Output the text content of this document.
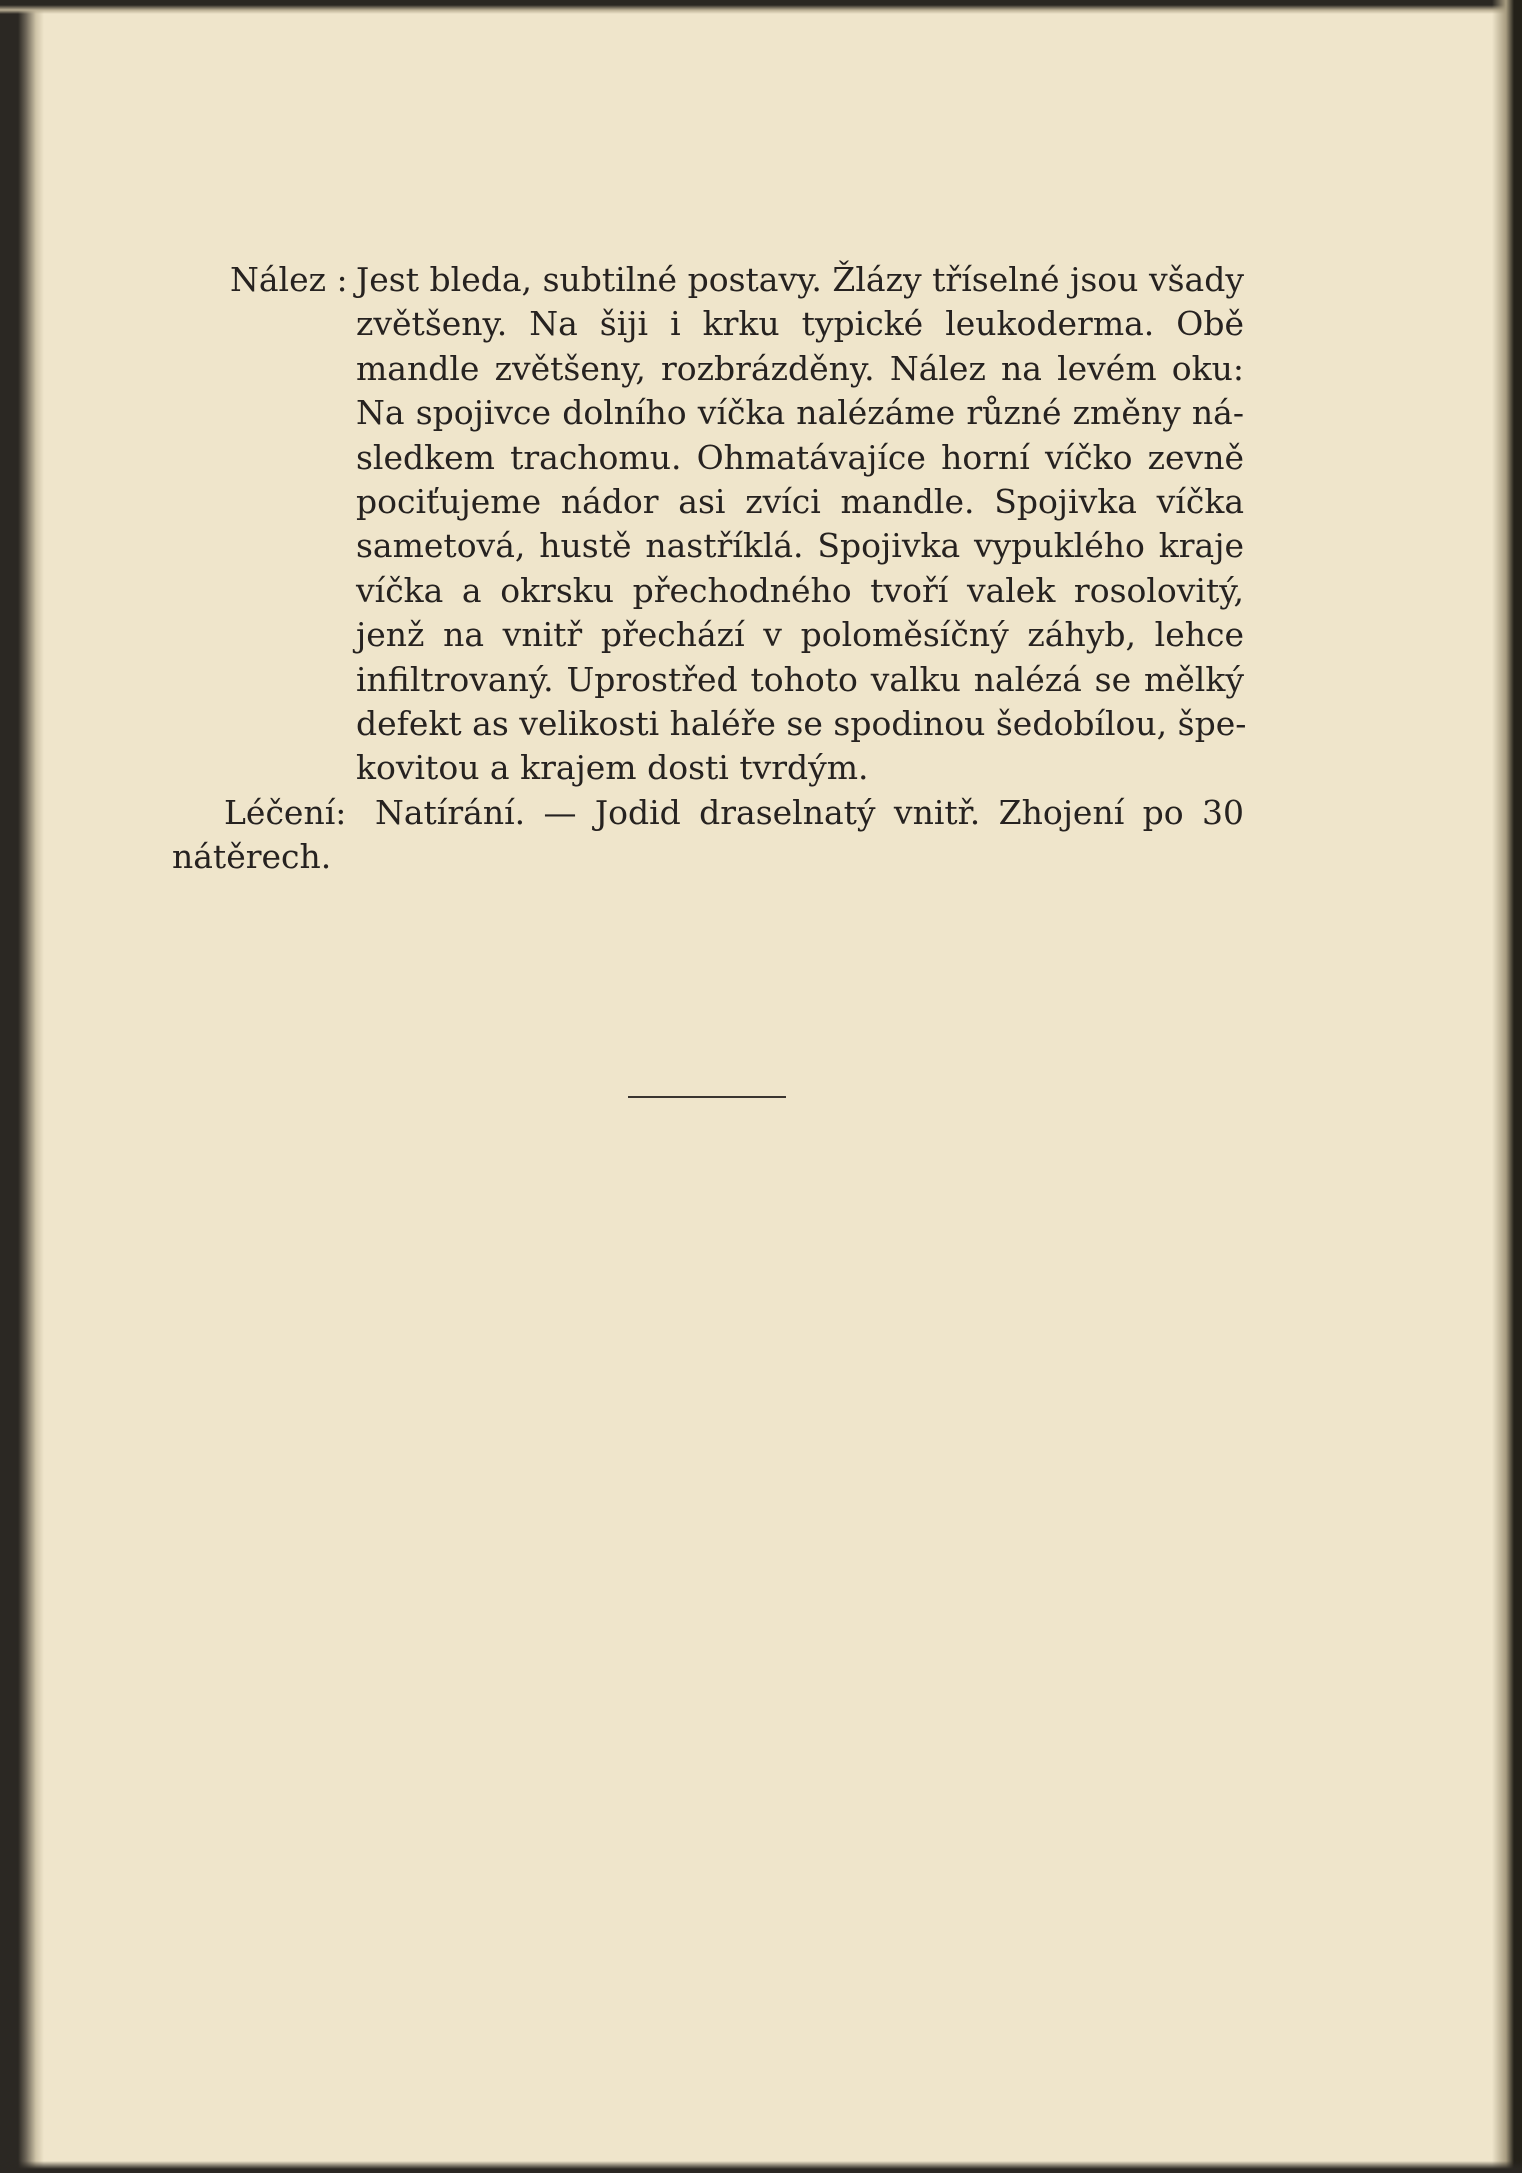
Nález : Jest bleda, subtilné postavy. Žlázy tříselné jsou všady
zvětšeny. Na šiji i krku typické leukoderma. Obě
mandle zvětšeny, rozbrázděny. Nález na levém oku:
Na spojivce dolního víčka nalézáme různé změny ná-
sledkem trachomu. Ohmatávajíce horní víčko zevně
pociťujeme nádor asi zvíci mandle. Spojivka víčka
sametová, hustě nastříklá. Spojivka vypuklého kraje
víčka a okrsku přechodného tvoří valek rosolovitý,
jenž na vnitř přechází v poloměsíčný záhyb, lehce
infiltrovaný. Uprostřed tohoto valku nalézá se mělký
defekt as velikosti haléře se spodinou šedobílou, špe-
kovitou a krajem dosti tvrdým.
Léčení: Natírání. — Jodid draselnatý vnitř. Zhojení po 30
nátěrech.
